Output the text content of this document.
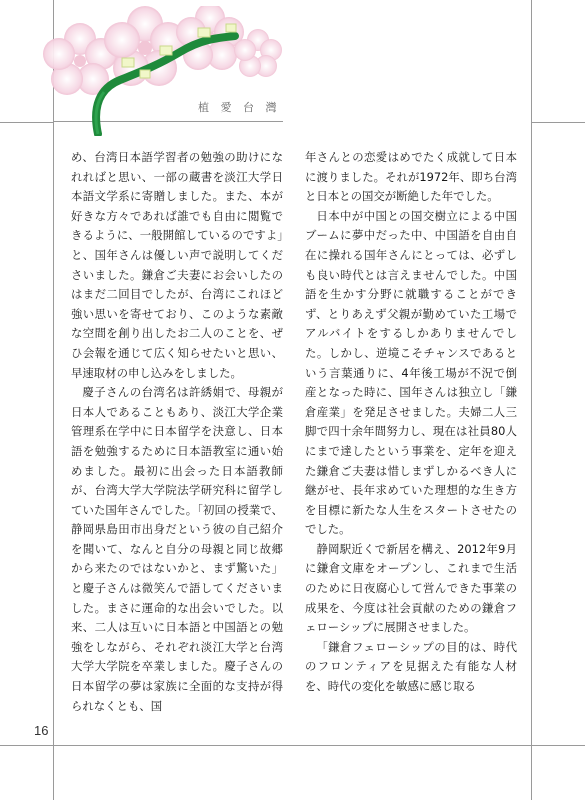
植 愛 台 灣

め、台湾日本語学習者の勉強の助けになれればと思い、一部の蔵書を淡江大学日本語文学系に寄贈しました。また、本が好きな方々であれば誰でも自由に閲覧できるように、一般開館しているのですよ」と、国年さんは優しい声で説明してくださいました。鎌倉ご夫妻にお会いしたのはまだ二回目でしたが、台湾にこれほど強い思いを寄せており、このような素敵な空間を創り出したお二人のことを、ぜひ会報を通じて広く知らせたいと思い、早速取材の申し込みをしました。

慶子さんの台湾名は許綉娟で、母親が日本人であることもあり、淡江大学企業管理系在学中に日本留学を決意し、日本語を勉強するために日本語教室に通い始めました。最初に出会った日本語教師が、台湾大学大学院法学研究科に留学していた国年さんでした。「初回の授業で、静岡県島田市出身だという彼の自己紹介を聞いて、なんと自分の母親と同じ故郷から来たのではないかと、まず驚いた」と慶子さんは微笑んで語してくださいました。まさに運命的な出会いでした。以来、二人は互いに日本語と中国語との勉強をしながら、それぞれ淡江大学と台湾大学大学院を卒業しました。慶子さんの日本留学の夢は家族に全面的な支持が得られなくとも、国

年さんとの恋愛はめでたく成就して日本に渡りました。それが1972年、即ち台湾と日本との国交が断絶した年でした。

日本中が中国との国交樹立による中国ブームに夢中だった中、中国語を自由自在に操れる国年さんにとっては、必ずしも良い時代とは言えませんでした。中国語を生かす分野に就職することができず、とりあえず父親が勤めていた工場でアルバイトをするしかありませんでした。しかし、逆境こそチャンスであるという言葉通りに、4年後工場が不況で倒産となった時に、国年さんは独立し「鎌倉産業」を発足させました。夫婦二人三脚で四十余年間努力し、現在は社員80人にまで達したという事業を、定年を迎えた鎌倉ご夫妻は惜しまずしかるべき人に継がせ、長年求めていた理想的な生き方を目標に新たな人生をスタートさせたのでした。

静岡駅近くで新居を構え、2012年9月に鎌倉文庫をオープンし、これまで生活のために日夜腐心して営んできた事業の成果を、今度は社会貢献のための鎌倉フェローシップに展開させました。

「鎌倉フェローシップの目的は、時代のフロンティアを見据えた有能な人材を、時代の変化を敏感に感じ取る

16
